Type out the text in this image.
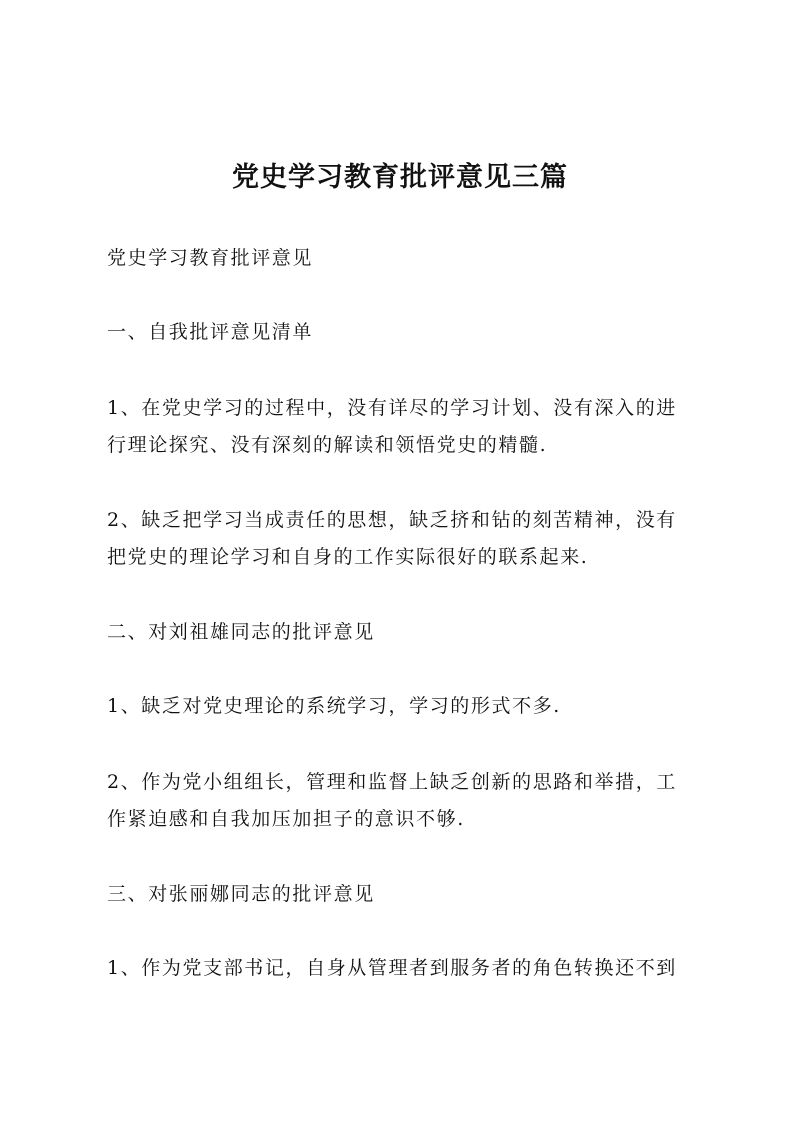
党史学习教育批评意见三篇

党史学习教育批评意见

一、自我批评意见清单

1、在党史学习的过程中，没有详尽的学习计划、没有深入的进
行理论探究、没有深刻的解读和领悟党史的精髓.

2、缺乏把学习当成责任的思想，缺乏挤和钻的刻苦精神，没有
把党史的理论学习和自身的工作实际很好的联系起来.

二、对刘祖雄同志的批评意见

1、缺乏对党史理论的系统学习，学习的形式不多.

2、作为党小组组长，管理和监督上缺乏创新的思路和举措，工
作紧迫感和自我加压加担子的意识不够.

三、对张丽娜同志的批评意见

1、作为党支部书记，自身从管理者到服务者的角色转换还不到
